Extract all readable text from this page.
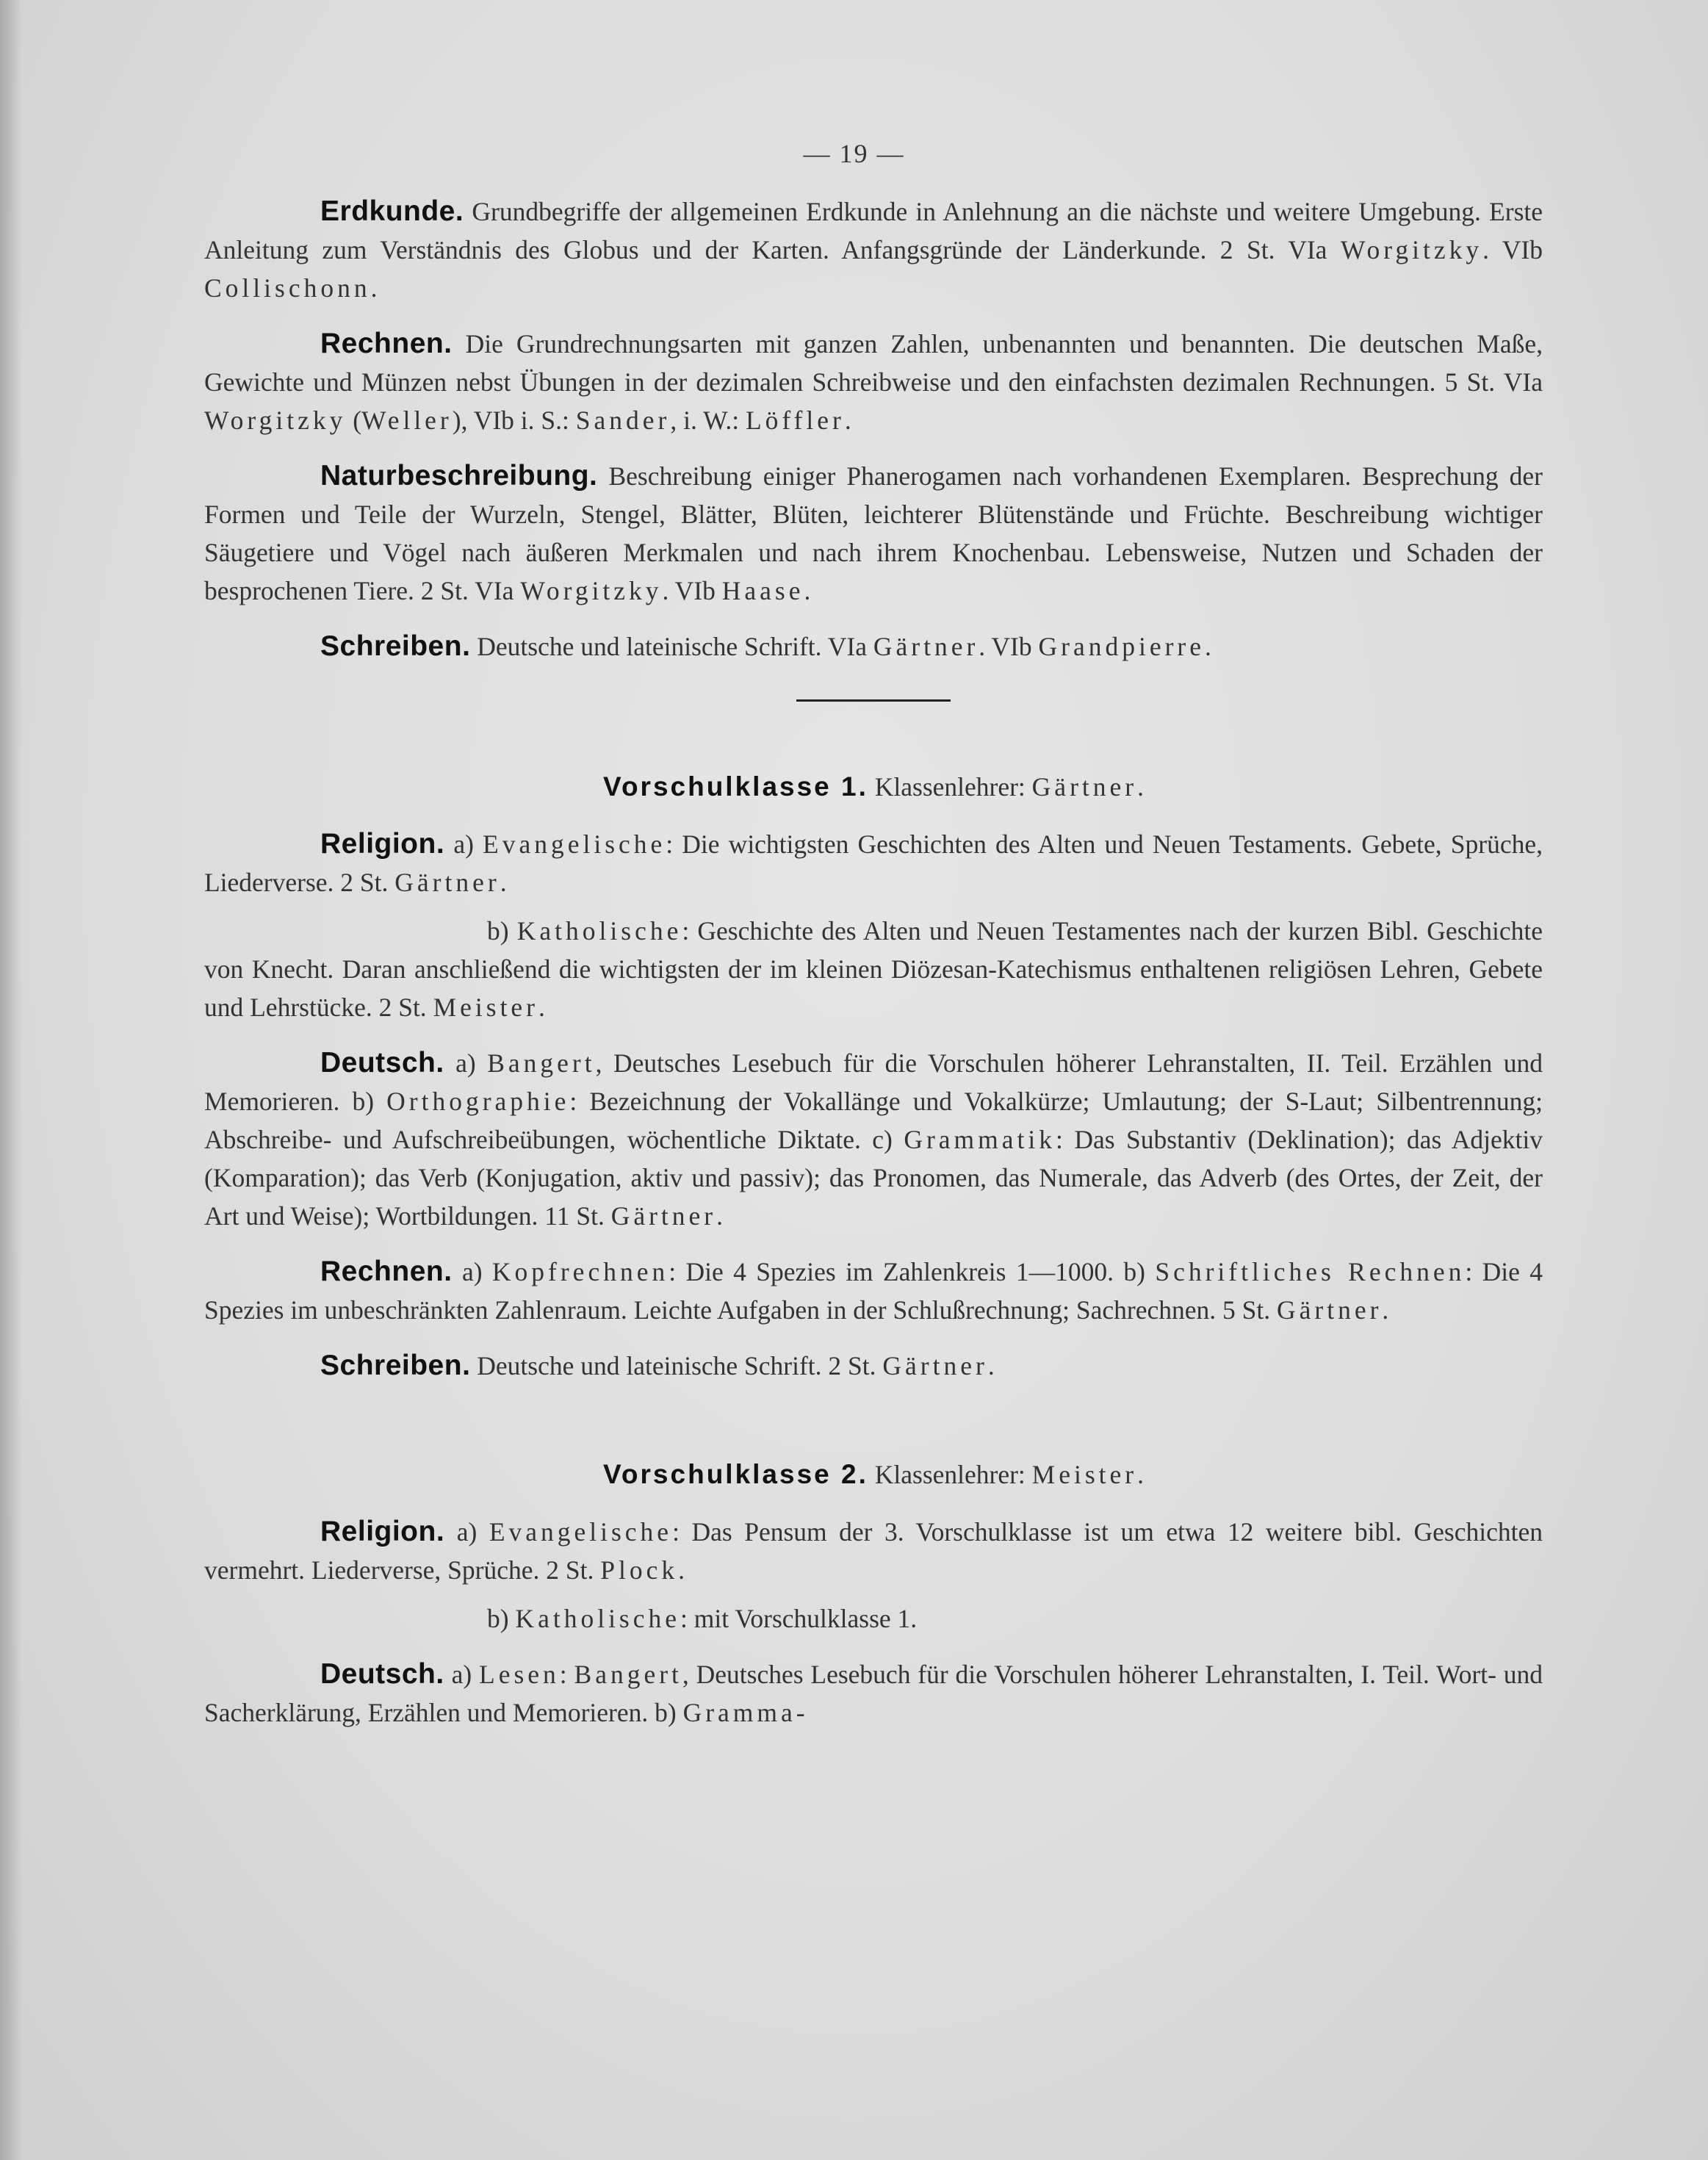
— 19 —

Erdkunde. Grundbegriffe der allgemeinen Erdkunde in Anlehnung an die nächste und weitere Umgebung. Erste Anleitung zum Verständnis des Globus und der Karten. Anfangsgründe der Länderkunde. 2 St. VIa Worgitzky. VIb Collischonn.

Rechnen. Die Grundrechnungsarten mit ganzen Zahlen, unbenannten und benannten. Die deutschen Maße, Gewichte und Münzen nebst Übungen in der dezimalen Schreibweise und den einfachsten dezimalen Rechnungen. 5 St. VIa Worgitzky (Weller), VIb i. S.: Sander, i. W.: Löffler.

Naturbeschreibung. Beschreibung einiger Phanerogamen nach vorhandenen Exemplaren. Besprechung der Formen und Teile der Wurzeln, Stengel, Blätter, Blüten, leichterer Blütenstände und Früchte. Beschreibung wichtiger Säugetiere und Vögel nach äußeren Merkmalen und nach ihrem Knochenbau. Lebensweise, Nutzen und Schaden der besprochenen Tiere. 2 St. VIa Worgitzky. VIb Haase.

Schreiben. Deutsche und lateinische Schrift. VIa Gärtner. VIb Grandpierre.

Vorschulklasse 1. Klassenlehrer: Gärtner.

Religion. a) Evangelische: Die wichtigsten Geschichten des Alten und Neuen Testaments. Gebete, Sprüche, Liederverse. 2 St. Gärtner.

b) Katholische: Geschichte des Alten und Neuen Testamentes nach der kurzen Bibl. Geschichte von Knecht. Daran anschließend die wichtigsten der im kleinen Diözesan-Katechismus enthaltenen religiösen Lehren, Gebete und Lehrstücke. 2 St. Meister.

Deutsch. a) Bangert, Deutsches Lesebuch für die Vorschulen höherer Lehranstalten, II. Teil. Erzählen und Memorieren. b) Orthographie: Bezeichnung der Vokallänge und Vokalkürze; Umlautung; der S-Laut; Silbentrennung; Abschreibe- und Aufschreibeübungen, wöchentliche Diktate. c) Grammatik: Das Substantiv (Deklination); das Adjektiv (Komparation); das Verb (Konjugation, aktiv und passiv); das Pronomen, das Numerale, das Adverb (des Ortes, der Zeit, der Art und Weise); Wortbildungen. 11 St. Gärtner.

Rechnen. a) Kopfrechnen: Die 4 Spezies im Zahlenkreis 1—1000. b) Schriftliches Rechnen: Die 4 Spezies im unbeschränkten Zahlenraum. Leichte Aufgaben in der Schlußrechnung; Sachrechnen. 5 St. Gärtner.

Schreiben. Deutsche und lateinische Schrift. 2 St. Gärtner.

Vorschulklasse 2. Klassenlehrer: Meister.

Religion. a) Evangelische: Das Pensum der 3. Vorschulklasse ist um etwa 12 weitere bibl. Geschichten vermehrt. Liederverse, Sprüche. 2 St. Plock.

b) Katholische: mit Vorschulklasse 1.

Deutsch. a) Lesen: Bangert, Deutsches Lesebuch für die Vorschulen höherer Lehranstalten, I. Teil. Wort- und Sacherklärung, Erzählen und Memorieren. b) Gramma-
